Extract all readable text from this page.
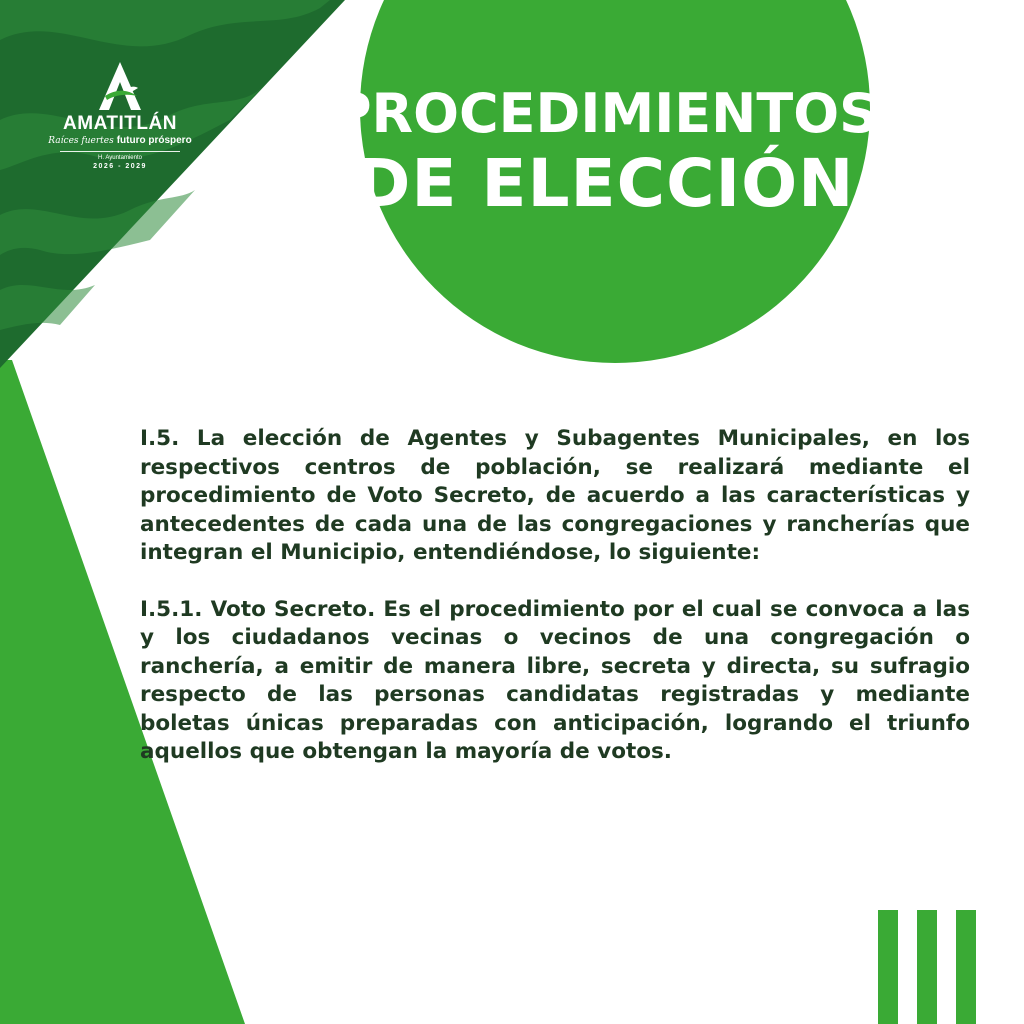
AMATITLÁN
Raíces fuertes futuro próspero
H. Ayuntamiento
2026 - 2029
PROCEDIMIENTOS
DE ELECCIÓN

I.5. La elección de Agentes y Subagentes Municipales, en los respectivos centros de población, se realizará mediante el procedimiento de Voto Secreto, de acuerdo a las características y antecedentes de cada una de las congregaciones y rancherías que integran el Municipio, entendiéndose, lo siguiente:

I.5.1. Voto Secreto. Es el procedimiento por el cual se convoca a las y los ciudadanos vecinas o vecinos de una congregación o ranchería, a emitir de manera libre, secreta y directa, su sufragio respecto de las personas candidatas registradas y mediante boletas únicas preparadas con anticipación, logrando el triunfo aquellos que obtengan la mayoría de votos.
